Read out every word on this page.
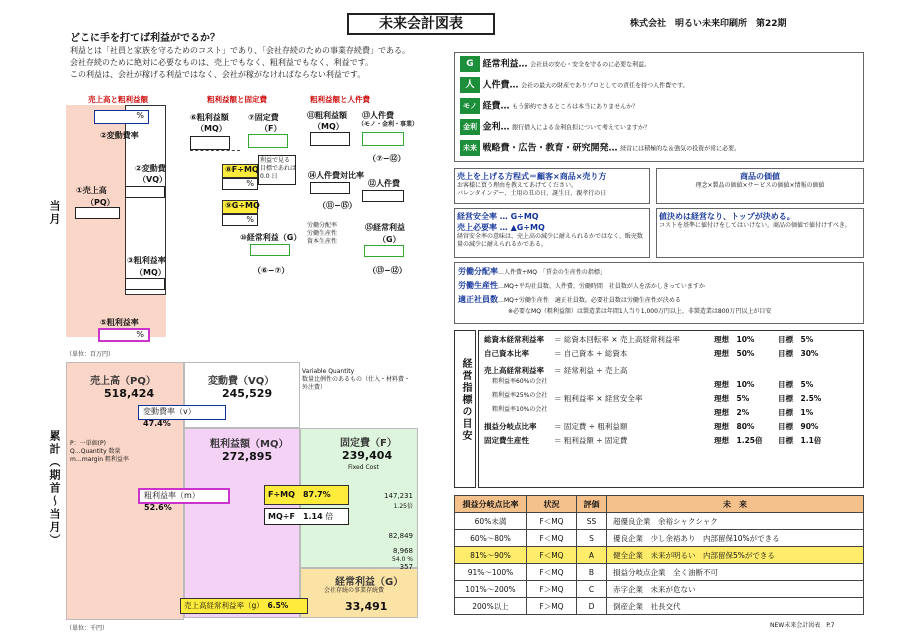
未来会計図表	株式会社　明るい未来印刷所　第22期
どこに手を打てば利益がでるか？
利益とは「社員と家族を守るためのコスト」であり、「会社存続のための事業存続費」である。
会社存続のために絶対に必要なものは、売上でもなく、粗利益でもなく、利益です。
この利益は、会社が稼げる利益ではなく、会社が稼がなければならない利益です。
当月
売上高と粗利益額	粗利益額と固定費	粗利益額と人件費
%
②変動費率
②変動費
（VQ）
①売上高
（PQ）
③粗利益率
（MQ）
⑤粗利益率
%
⑥粗利益額
（MQ）
⑦固定費
（F）
利益で見る
目標であれば
0.0 日
⑧F÷MQ
%
⑨G÷MQ
%
⑩経常利益（G）
（⑥−⑦）
⑪粗利益額
（MQ）
⑬人件費
（モノ・金利・事業）
（⑦−⑫）
⑭人件費対比率
⑫人件費
（⑪−⑮）
⑮経常利益
（G）
（⑬−⑫）
労働分配率
労働生産性
資本生産性
（単位：百万円）
累計（期首〜当月）
売上高（PQ）
518,424
変動費（VQ）
245,529
変動費率（v）　47.4%
Variable Quantity
数量比例性のあるもの（仕入・材料費・外注費）
P：一単価(P)
Q…Quantity 数量
m…margin 粗利益率
粗利益額（MQ）
272,895
粗利益率（m）　52.6%
F÷MQ　 87.7%
MQ÷F　 1.14 倍
固定費（F）
239,404
Fixed Cost
147,231
1.25倍
82,849
8,968
54.0 %
357
経常利益（G）
会社存続の事業存続費
33,491
売上高経常利益率（g）　 6.5%
（単位：千円）
G 経常利益… 会社員の安心・安全を守るのに必要な利益。
人 人件費… 会社の最大の財産でありプロとしての責任を持つ人件費です。
モノ 経費… もう節約できるところは本当にありませんか？
金利 金利… 銀行借入による金利負担について考えていますか？
未来 戦略費・広告・教育・研究開発… 経営には積極的な＆強気の投資が常に必要。
売上を上げる方程式＝顧客×商品×売り方
お客様に買う理由を教えてあげてください。
バレンタインデー、土用の丑の日、誕生日、親孝行の日
商品の価値
理念×製品の価値×サービスの価値×情報の価値
経営安全率 … G÷MQ
売上必要率 … ▲G÷MQ
経営安全率の意味は、売上高の減少に耐えられるかではなく、販売数量の減少に耐えられるかである。
値決めは経営なり、トップが決める。
コストを基準に値付けをしてはいけない。商品の価値で値付けすべき。
労働分配率…人件費÷MQ　「賃金の生産性の指標」
労働生産性…MQ÷平均社員数、人件費、労働時間　社員数が人を活かしきっていますか
適正社員数…MQ÷労働生産性　適正社員数。必要社員数は労働生産性が決める
※必要なMQ（粗利益額）は製造業は年間1人当り1,000万円以上、非製造業は800万円以上が目安
経営指標の目安
総資本経常利益率	＝ 総資本回転率 × 売上高経常利益率	理想　10%	目標　5%
自己資本比率	＝ 自己資本 ÷ 総資本	理想　50%	目標　30%
売上高経常利益率	＝ 経常利益 ÷ 売上高
粗利益率60%の会社	理想　10%	目標　5%
粗利益率25%の会社 ＝ 粗利益率 × 経営安全率	理想　5%	目標　2.5%
粗利益率10%の会社	理想　2%	目標　1%
損益分岐点比率	＝ 固定費 ÷ 粗利益額	理想　80%	目標　90%
固定費生産性	＝ 粗利益額 ÷ 固定費	理想　1.25倍	目標　1.1倍
損益分岐点比率	状況	評価	未　来
60%未満	F＜MQ	SS	超優良企業　余裕シャクシャク
60%〜80%	F＜MQ	S	優良企業　少し余裕あり　内部留保10%ができる
81%〜90%	F＜MQ	A	健全企業　未来が明るい　内部留保5%ができる
91%〜100%	F＜MQ	B	損益分岐点企業　全く油断不可
101%〜200%	F＞MQ	C	赤字企業　未来が危ない
200%以上	F＞MQ	D	倒産企業　社長交代
NEW未来会計図表　P.7
